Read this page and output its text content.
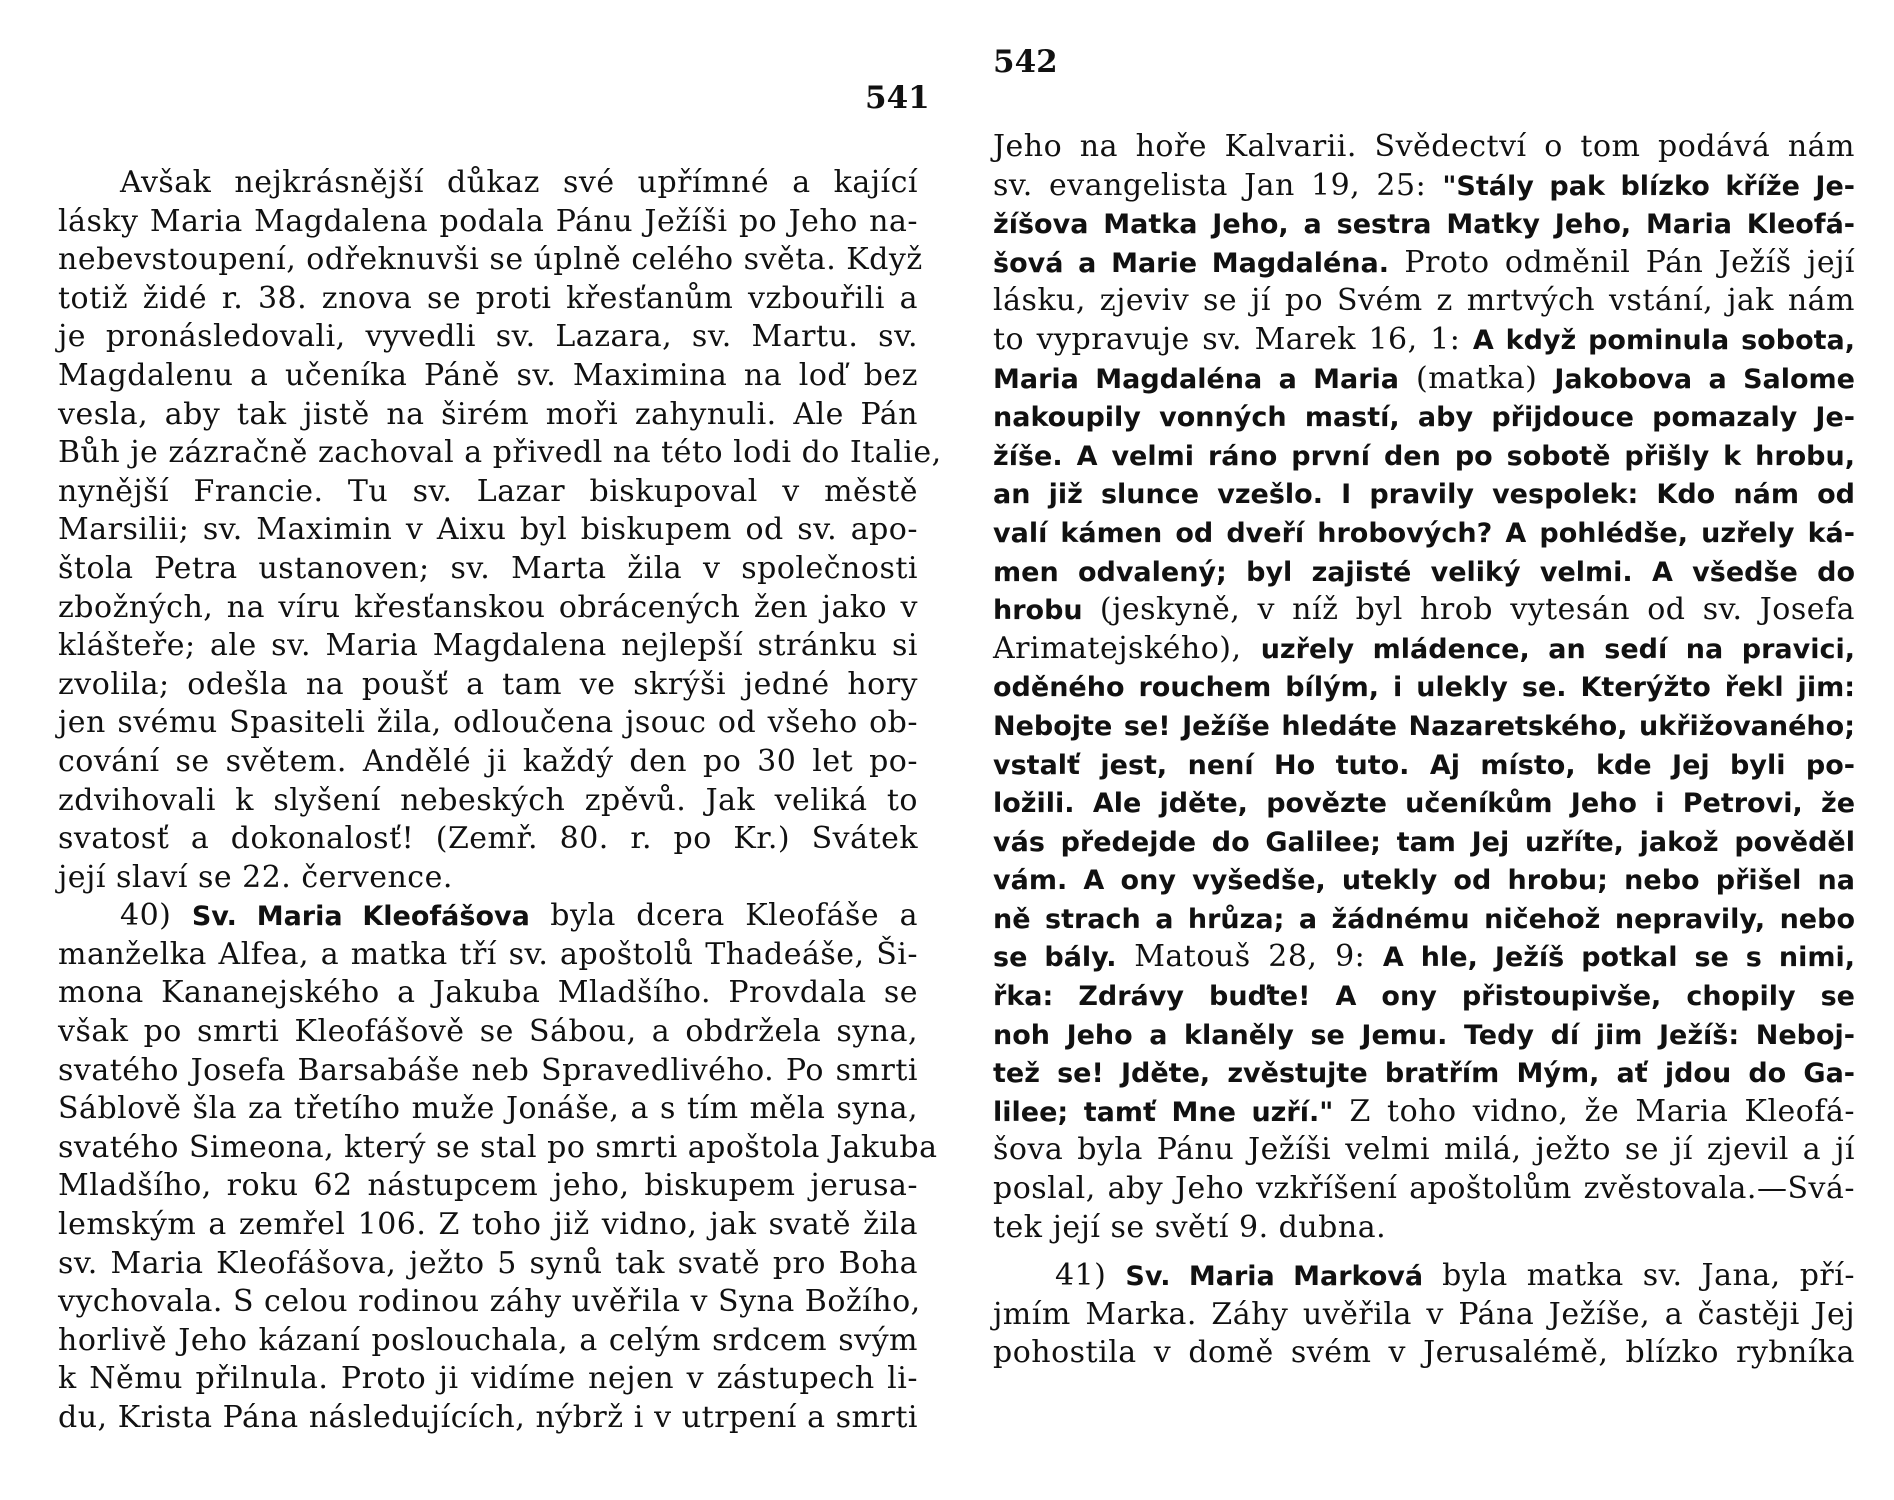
541
Avšak nejkrásnější důkaz své upřímné a kající
lásky Maria Magdalena podala Pánu Ježíši po Jeho na-
nebevstoupení, odřeknuvši se úplně celého světa. Když
totiž židé r. 38. znova se proti křesťanům vzbouřili a
je pronásledovali, vyvedli sv. Lazara, sv. Martu. sv.
Magdalenu a učeníka Páně sv. Maximina na loď bez
vesla, aby tak jistě na širém moři zahynuli. Ale Pán
Bůh je zázračně zachoval a přivedl na této lodi do Italie,
nynější Francie. Tu sv. Lazar biskupoval v městě
Marsilii; sv. Maximin v Aixu byl biskupem od sv. apo-
štola Petra ustanoven; sv. Marta žila v společnosti
zbožných, na víru křesťanskou obrácených žen jako v
klášteře; ale sv. Maria Magdalena nejlepší stránku si
zvolila; odešla na poušť a tam ve skrýši jedné hory
jen svému Spasiteli žila, odloučena jsouc od všeho ob-
cování se světem. Andělé ji každý den po 30 let po-
zdvihovali k slyšení nebeských zpěvů. Jak veliká to
svatosť a dokonalosť! (Zemř. 80. r. po Kr.) Svátek
její slaví se 22. července.
40) Sv. Maria Kleofášova byla dcera Kleofáše a
manželka Alfea, a matka tří sv. apoštolů Thadeáše, Ši-
mona Kananejského a Jakuba Mladšího. Provdala se
však po smrti Kleofášově se Sábou, a obdržela syna,
svatého Josefa Barsabáše neb Spravedlivého. Po smrti
Sáblově šla za třetího muže Jonáše, a s tím měla syna,
svatého Simeona, který se stal po smrti apoštola Jakuba
Mladšího, roku 62 nástupcem jeho, biskupem jerusa-
lemským a zemřel 106. Z toho již vidno, jak svatě žila
sv. Maria Kleofášova, ježto 5 synů tak svatě pro Boha
vychovala. S celou rodinou záhy uvěřila v Syna Božího,
horlivě Jeho kázaní poslouchala, a celým srdcem svým
k Němu přilnula. Proto ji vidíme nejen v zástupech li-
du, Krista Pána následujících, nýbrž i v utrpení a smrti
542
Jeho na hoře Kalvarii. Svědectví o tom podává nám
sv. evangelista Jan 19, 25: "Stály pak blízko kříže Je-
žíšova Matka Jeho, a sestra Matky Jeho, Maria Kleofá-
šová a Marie Magdaléna. Proto odměnil Pán Ježíš její
lásku, zjeviv se jí po Svém z mrtvých vstání, jak nám
to vypravuje sv. Marek 16, 1: A když pominula sobota,
Maria Magdaléna a Maria (matka) Jakobova a Salome
nakoupily vonných mastí, aby přijdouce pomazaly Je-
žíše. A velmi ráno první den po sobotě přišly k hrobu,
an již slunce vzešlo. I pravily vespolek: Kdo nám od
valí kámen od dveří hrobových? A pohlédše, uzřely ká-
men odvalený; byl zajisté veliký velmi. A všedše do
hrobu (jeskyně, v níž byl hrob vytesán od sv. Josefa
Arimatejského), uzřely mládence, an sedí na pravici,
oděného rouchem bílým, i ulekly se. Kterýžto řekl jim:
Nebojte se! Ježíše hledáte Nazaretského, ukřižovaného;
vstalť jest, není Ho tuto. Aj místo, kde Jej byli po-
ložili. Ale jděte, povězte učeníkům Jeho i Petrovi, že
vás předejde do Galilee; tam Jej uzříte, jakož pověděl
vám. A ony vyšedše, utekly od hrobu; nebo přišel na
ně strach a hrůza; a žádnému ničehož nepravily, nebo
se bály. Matouš 28, 9: A hle, Ježíš potkal se s nimi,
řka: Zdrávy buďte! A ony přistoupivše, chopily se
noh Jeho a klaněly se Jemu. Tedy dí jim Ježíš: Neboj-
tež se! Jděte, zvěstujte bratřím Mým, ať jdou do Ga-
lilee; tamť Mne uzří." Z toho vidno, že Maria Kleofá-
šova byla Pánu Ježíši velmi milá, ježto se jí zjevil a jí
poslal, aby Jeho vzkříšení apoštolům zvěstovala.—Svá-
tek její se světí 9. dubna.
41) Sv. Maria Marková byla matka sv. Jana, pří-
jmím Marka. Záhy uvěřila v Pána Ježíše, a častěji Jej
pohostila v domě svém v Jerusalémě, blízko rybníka
